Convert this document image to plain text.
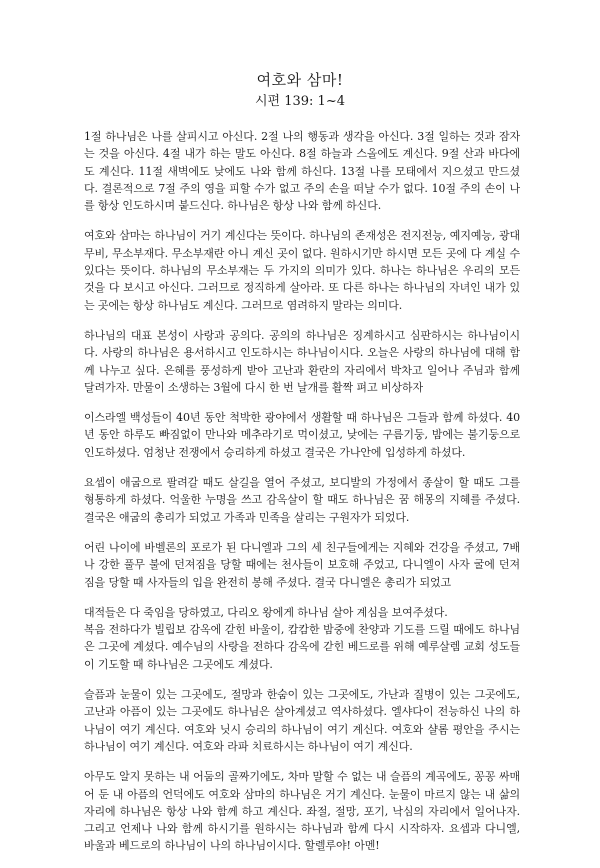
여호와 삼마!
시편 139: 1~4

1절 하나님은 나를 살피시고 아신다. 2절 나의 행동과 생각을 아신다. 3절 일하는 것과 잠자는 것을 아신다. 4절 내가 하는 말도 아신다. 8절 하늘과 스올에도 계신다. 9절 산과 바다에도 계신다. 11절 새벽에도 낮에도 나와 함께 하신다. 13절 나를 모태에서 지으셨고 만드셨다. 결론적으로 7절 주의 영을 피할 수가 없고 주의 손을 떠날 수가 없다. 10절 주의 손이 나를 항상 인도하시며 붙드신다. 하나님은 항상 나와 함께 하신다.

여호와 삼마는 하나님이 거기 계신다는 뜻이다. 하나님의 존재성은 전지전능, 예지예능, 광대무비, 무소부재다. 무소부재란 아니 계신 곳이 없다. 원하시기만 하시면 모든 곳에 다 계실 수 있다는 뜻이다. 하나님의 무소부재는 두 가지의 의미가 있다. 하나는 하나님은 우리의 모든 것을 다 보시고 아신다. 그러므로 정직하게 살아라. 또 다른 하나는 하나님의 자녀인 내가 있는 곳에는 항상 하나님도 계신다. 그러므로 염려하지 말라는 의미다.

하나님의 대표 본성이 사랑과 공의다. 공의의 하나님은 징계하시고 심판하시는 하나님이시다. 사랑의 하나님은 용서하시고 인도하시는 하나님이시다. 오늘은 사랑의 하나님에 대해 함께 나누고 싶다. 은혜를 풍성하게 받아 고난과 환란의 자리에서 박차고 일어나 주님과 함께 달려가자. 만물이 소생하는 3월에 다시 한 번 날개를 활짝 펴고 비상하자

이스라엘 백성들이 40년 동안 척박한 광야에서 생활할 때 하나님은 그들과 함께 하셨다. 40년 동안 하루도 빠짐없이 만나와 메추라기로 먹이셨고, 낮에는 구름기둥, 밤에는 불기둥으로 인도하셨다. 엄청난 전쟁에서 승리하게 하셨고 결국은 가나안에 입성하게 하셨다.

요셉이 애굽으로 팔려갈 때도 살길을 열어 주셨고, 보디발의 가정에서 종살이 할 때도 그를 형통하게 하셨다. 억울한 누명을 쓰고 감옥살이 할 때도 하나님은 꿈 해몽의 지혜를 주셨다. 결국은 애굽의 총리가 되었고 가족과 민족을 살리는 구원자가 되었다.

어린 나이에 바벨론의 포로가 된 다니엘과 그의 세 친구들에게는 지혜와 건강을 주셨고, 7배나 강한 풀무 불에 던져짐을 당할 때에는 천사들이 보호해 주었고, 다니엘이 사자 굴에 던져짐을 당할 때 사자들의 입을 완전히 봉해 주셨다. 결국 다니엘은 총리가 되었고

대적들은 다 죽임을 당하였고, 다리오 왕에게 하나님 살아 계심을 보여주셨다.

복음 전하다가 빌립보 감옥에 갇힌 바울이, 캄캄한 밤중에 찬양과 기도를 드릴 때에도 하나님은 그곳에 계셨다. 예수님의 사랑을 전하다 감옥에 갇힌 베드로를 위해 예루살렘 교회 성도들이 기도할 때 하나님은 그곳에도 계셨다.

슬픔과 눈물이 있는 그곳에도, 절망과 한숨이 있는 그곳에도, 가난과 질병이 있는 그곳에도, 고난과 아픔이 있는 그곳에도 하나님은 살아계셨고 역사하셨다. 엘샤다이 전능하신 나의 하나님이 여기 계신다. 여호와 닛시 승리의 하나님이 여기 계신다. 여호와 샬롬 평안을 주시는 하나님이 여기 계신다. 여호와 라파 치료하시는 하나님이 여기 계신다.

아무도 알지 못하는 내 어둠의 골짜기에도, 차마 말할 수 없는 내 슬픔의 계곡에도, 꽁꽁 싸매어 둔 내 아픔의 언덕에도 여호와 삼마의 하나님은 거기 계신다. 눈물이 마르지 않는 내 삶의 자리에 하나님은 항상 나와 함께 하고 계신다. 좌절, 절망, 포기, 낙심의 자리에서 일어나자. 그리고 언제나 나와 함께 하시기를 원하시는 하나님과 함께 다시 시작하자. 요셉과 다니엘, 바울과 베드로의 하나님이 나의 하나님이시다. 할렐루야! 아멘!
